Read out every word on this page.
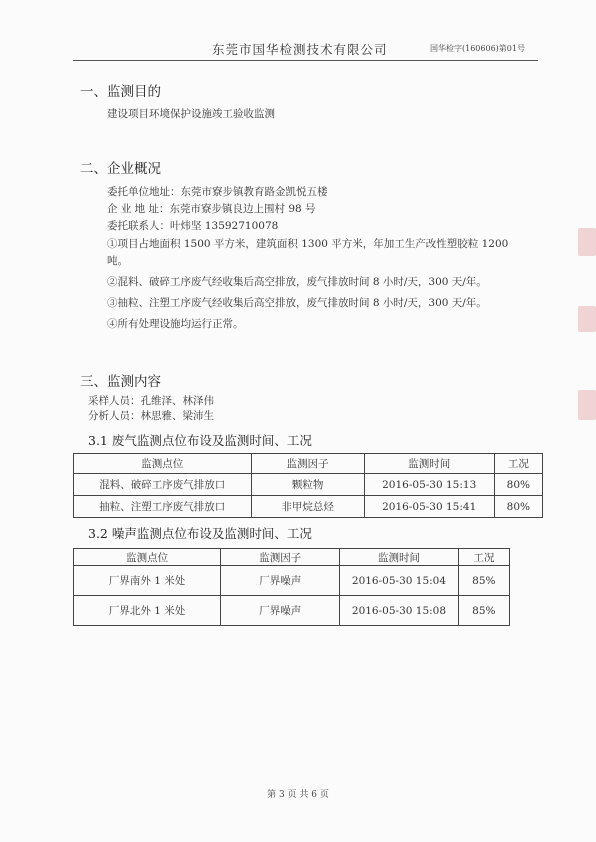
东莞市国华检测技术有限公司	国华检字(160606)第01号
一、监测目的
建设项目环境保护设施竣工验收监测
二、企业概况
委托单位地址：东莞市寮步镇教育路金凯悦五楼
企 业 地 址：东莞市寮步镇良边上围村 98 号
委托联系人：叶炜坚 13592710078
①项目占地面积 1500 平方米，建筑面积 1300 平方米，年加工生产改性塑胶粒 1200
吨。
②混料、破碎工序废气经收集后高空排放，废气排放时间 8 小时/天，300 天/年。
③抽粒、注塑工序废气经收集后高空排放，废气排放时间 8 小时/天，300 天/年。
④所有处理设施均运行正常。
三、监测内容
采样人员：孔维泽、林泽伟
分析人员：林思雅、梁沛生
3.1 废气监测点位布设及监测时间、工况
监测点位	监测因子	监测时间	工况
混料、破碎工序废气排放口	颗粒物	2016-05-30 15:13	80%
抽粒、注塑工序废气排放口	非甲烷总烃	2016-05-30 15:41	80%
3.2 噪声监测点位布设及监测时间、工况
监测点位	监测因子	监测时间	工况
厂界南外 1 米处	厂界噪声	2016-05-30 15:04	85%
厂界北外 1 米处	厂界噪声	2016-05-30 15:08	85%
第 3 页 共 6 页
